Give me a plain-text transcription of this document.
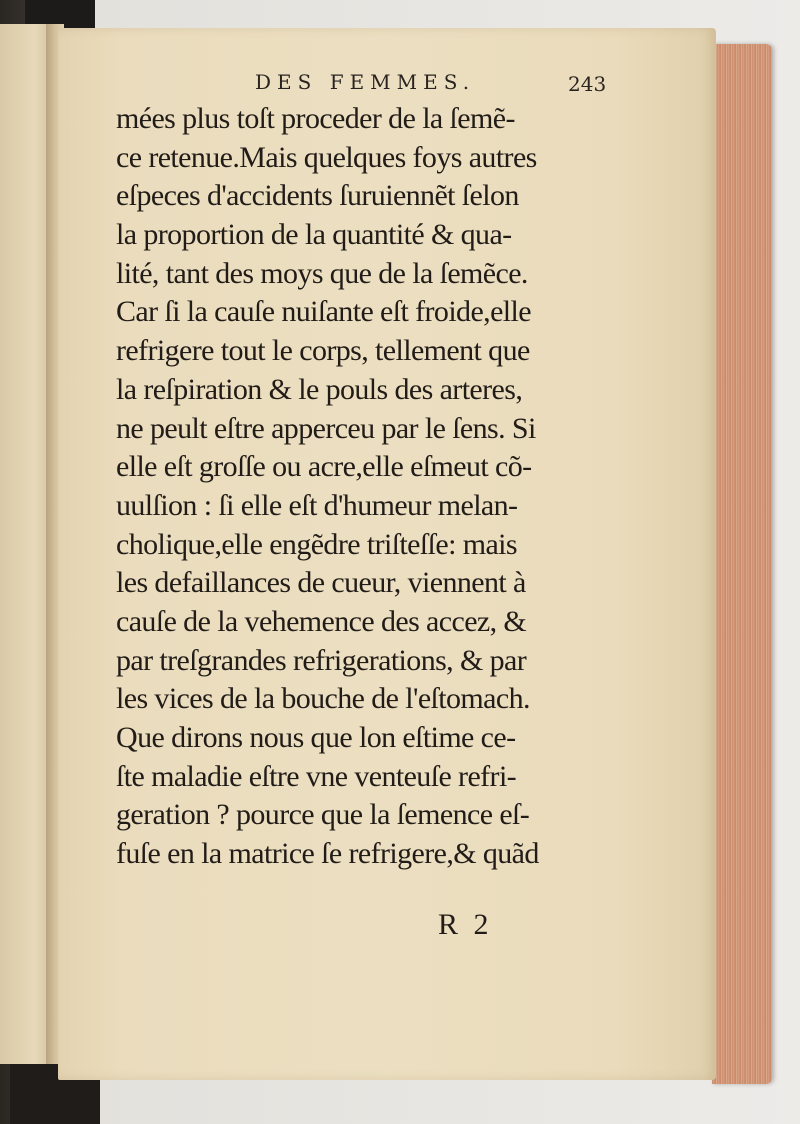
DES FEMMES.	243
mées plus toſt proceder de la ſemẽ-
ce retenue.Mais quelques foys autres
eſpeces d'accidents ſuruiennẽt ſelon
la proportion de la quantité & qua-
lité, tant des moys que de la ſemẽce.
Car ſi la cauſe nuiſante eſt froide,elle
refrigere tout le corps, tellement que
la reſpiration & le pouls des arteres,
ne peult eſtre apperceu par le ſens. Si
elle eſt groſſe ou acre,elle eſmeut cõ-
uulſion : ſi elle eſt d'humeur melan-
cholique,elle engẽdre triſteſſe: mais
les defaillances de cueur, viennent à
cauſe de la vehemence des accez, &
par treſgrandes refrigerations, & par
les vices de la bouche de l'eſtomach.
Que dirons nous que lon eſtime ce-
ſte maladie eſtre vne venteuſe refri-
geration ? pource que la ſemence eſ-
fuſe en la matrice ſe refrigere,& quãd
R 2
